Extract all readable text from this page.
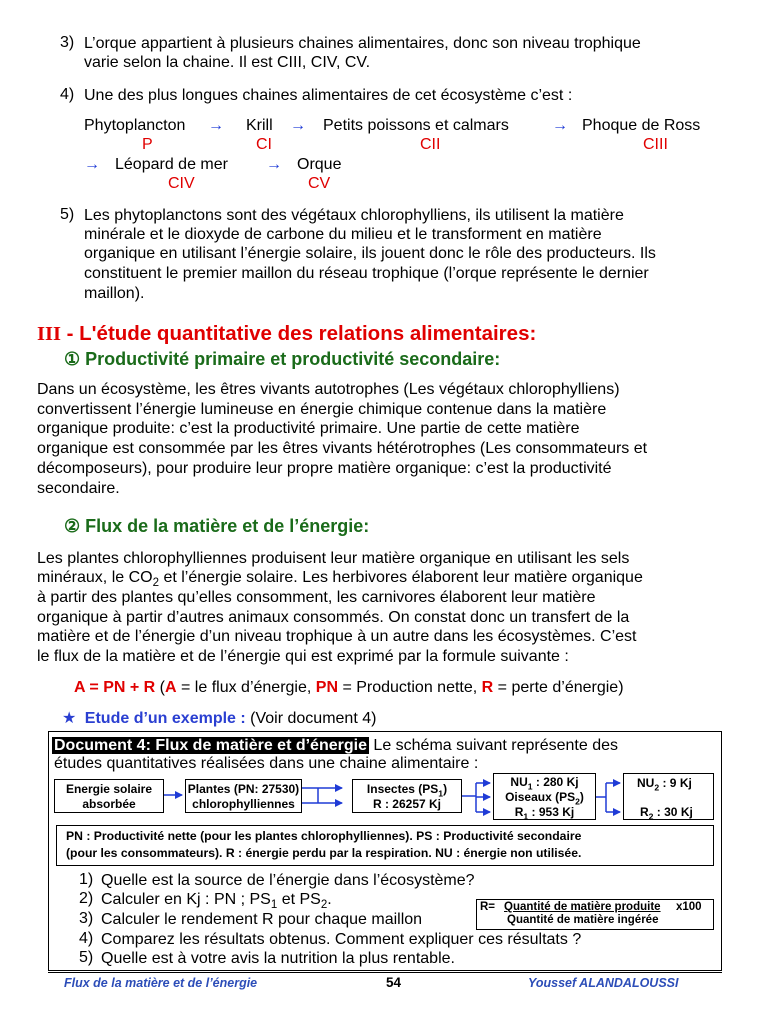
3) L’orque appartient à plusieurs chaines alimentaires, donc son niveau trophique
varie selon la chaine. Il est CIII, CIV, CV.
4) Une des plus longues chaines alimentaires de cet écosystème c’est :
Phytoplancton → Krill → Petits poissons et calmars	→ Phoque de Ross
P	CI	CII	CIII
→ Léopard de mer → Orque
CIV	CV
5) Les phytoplanctons sont des végétaux chlorophylliens, ils utilisent la matière
minérale et le dioxyde de carbone du milieu et le transforment en matière
organique en utilisant l’énergie solaire, ils jouent donc le rôle des producteurs. Ils
constituent le premier maillon du réseau trophique (l’orque représente le dernier
maillon).
III - L'étude quantitative des relations alimentaires:
① Productivité primaire et productivité secondaire:
Dans un écosystème, les êtres vivants autotrophes (Les végétaux chlorophylliens)
convertissent l’énergie lumineuse en énergie chimique contenue dans la matière
organique produite: c’est la productivité primaire. Une partie de cette matière
organique est consommée par les êtres vivants hétérotrophes (Les consommateurs et
décomposeurs), pour produire leur propre matière organique: c’est la productivité
secondaire.
② Flux de la matière et de l’énergie:
Les plantes chlorophylliennes produisent leur matière organique en utilisant les sels
minéraux, le $CO_2$ et l’énergie solaire. Les herbivores élaborent leur matière organique
à partir des plantes qu’elles consomment, les carnivores élaborent leur matière
organique à partir d’autres animaux consommés. On constat donc un transfert de la
matière et de l’énergie d’un niveau trophique à un autre dans les écosystèmes. C’est
le flux de la matière et de l’énergie qui est exprimé par la formule suivante :
A = PN + R (A = le flux d’énergie, PN = Production nette, R = perte d’énergie)
★ Etude d’un exemple : (Voir document 4)
Document 4: Flux de matière et d’énergie Le schéma suivant représente des
études quantitatives réalisées dans une chaine alimentaire :
Energie solaire
absorbée
Plantes (PN: 27530)
chlorophylliennes
Insectes $(PS_1)$
R : 26257 Kj
$NU_1$ : 280 Kj
Oiseaux $(PS_2)$
$R_1$ : 953 Kj
$NU_2$ : 9 Kj
$R_2$ : 30 Kj
PN : Productivité nette (pour les plantes chlorophylliennes). PS : Productivité secondaire
(pour les consommateurs). R : énergie perdu par la respiration. NU : énergie non utilisée.
1) Quelle est la source de l’énergie dans l’écosystème?
2) Calculer en Kj : PN ; $PS_1$ et $PS_2$.
3) Calculer le rendement R pour chaque maillon
4) Comparez les résultats obtenus. Comment expliquer ces résultats ?
5) Quelle est à votre avis la nutrition la plus rentable.
R= Quantité de matière produite x100
Quantité de matière ingérée
Flux de la matière et de l’énergie	54	Youssef ALANDALOUSSI
